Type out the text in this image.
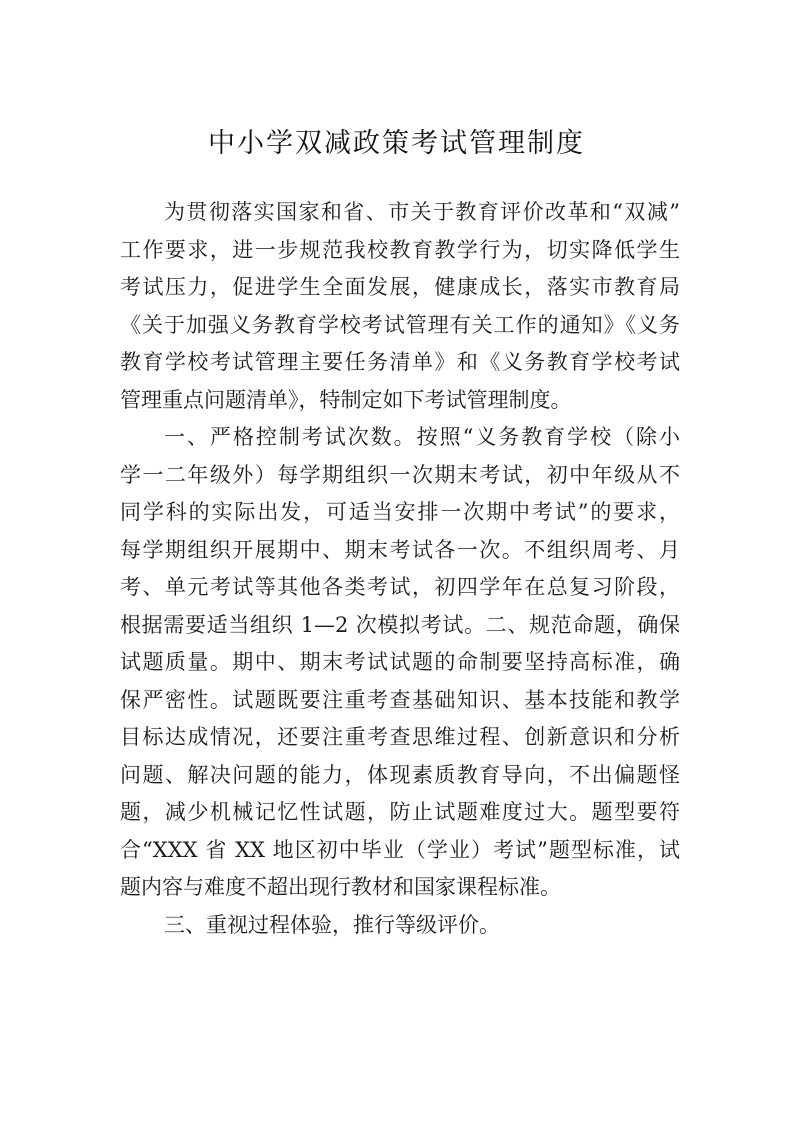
中小学双减政策考试管理制度
为贯彻落实国家和省、市关于教育评价改革和“双减”
工作要求，进一步规范我校教育教学行为，切实降低学生
考试压力，促进学生全面发展，健康成长，落实市教育局
《关于加强义务教育学校考试管理有关工作的通知》《义务
教育学校考试管理主要任务清单》和《义务教育学校考试
管理重点问题清单》，特制定如下考试管理制度。
一、严格控制考试次数。按照“义务教育学校（除小
学一二年级外）每学期组织一次期末考试，初中年级从不
同学科的实际出发，可适当安排一次期中考试”的要求，
每学期组织开展期中、期末考试各一次。不组织周考、月
考、单元考试等其他各类考试，初四学年在总复习阶段，
根据需要适当组织 1—2 次模拟考试。二、规范命题，确保
试题质量。期中、期末考试试题的命制要坚持高标准，确
保严密性。试题既要注重考查基础知识、基本技能和教学
目标达成情况，还要注重考查思维过程、创新意识和分析
问题、解决问题的能力，体现素质教育导向，不出偏题怪
题，减少机械记忆性试题，防止试题难度过大。题型要符
合“XXX 省 XX 地区初中毕业（学业）考试”题型标准，试
题内容与难度不超出现行教材和国家课程标准。
三、重视过程体验，推行等级评价。
